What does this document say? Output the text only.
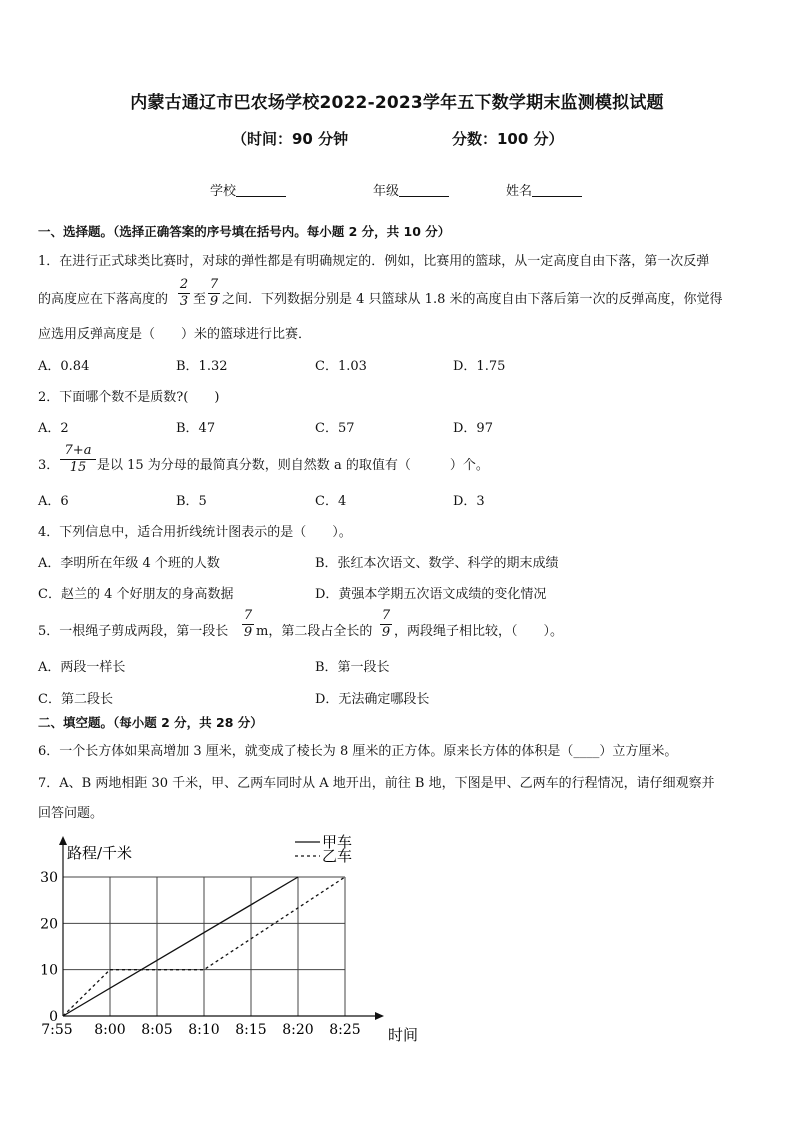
内蒙古通辽市巴农场学校2022-2023学年五下数学期末监测模拟试题
（时间：90 分钟	分数：100 分）
学校	年级	姓名
一、选择题。（选择正确答案的序号填在括号内。每小题 2 分，共 10 分）
1．在进行正式球类比赛时，对球的弹性都是有明确规定的．例如，比赛用的篮球，从一定高度自由下落，第一次反弹
的高度应在下落高度的
2
3 至
7
9 之间．下列数据分别是 4 只篮球从 1.8 米的高度自由下落后第一次的反弹高度，你觉得
应选用反弹高度是（　　）米的篮球进行比赛．
A．0.84	B．1.32	C．1.03	D．1.75
2．下面哪个数不是质数?(　　)
A．2	B．47	C．57	D．97
3．
7+a
15 是以 15 为分母的最简真分数，则自然数 a 的取值有（　　　）个。
A．6	B．5	C．4	D．3
4．下列信息中，适合用折线统计图表示的是（　　）。
A．李明所在年级 4 个班的人数	B．张红本次语文、数学、科学的期末成绩
C．赵兰的 4 个好朋友的身高数据	D．黄强本学期五次语文成绩的变化情况
5．一根绳子剪成两段，第一段长
7
9 m，第二段占全长的
7
9 ，两段绳子相比较，（　　）。
A．两段一样长	B．第一段长
C．第二段长	D．无法确定哪段长
二、填空题。（每小题 2 分，共 28 分）
6．一个长方体如果高增加 3 厘米，就变成了棱长为 8 厘米的正方体。原来长方体的体积是（____）立方厘米。
7．A、B 两地相距 30 千米，甲、乙两车同时从 A 地开出，前往 B 地，下图是甲、乙两车的行程情况，请仔细观察并
回答问题。
0
10
20
30
7:55 8:00 8:05 8:10 8:15 8:20 8:25
路程/千米
时间
甲车
乙车
